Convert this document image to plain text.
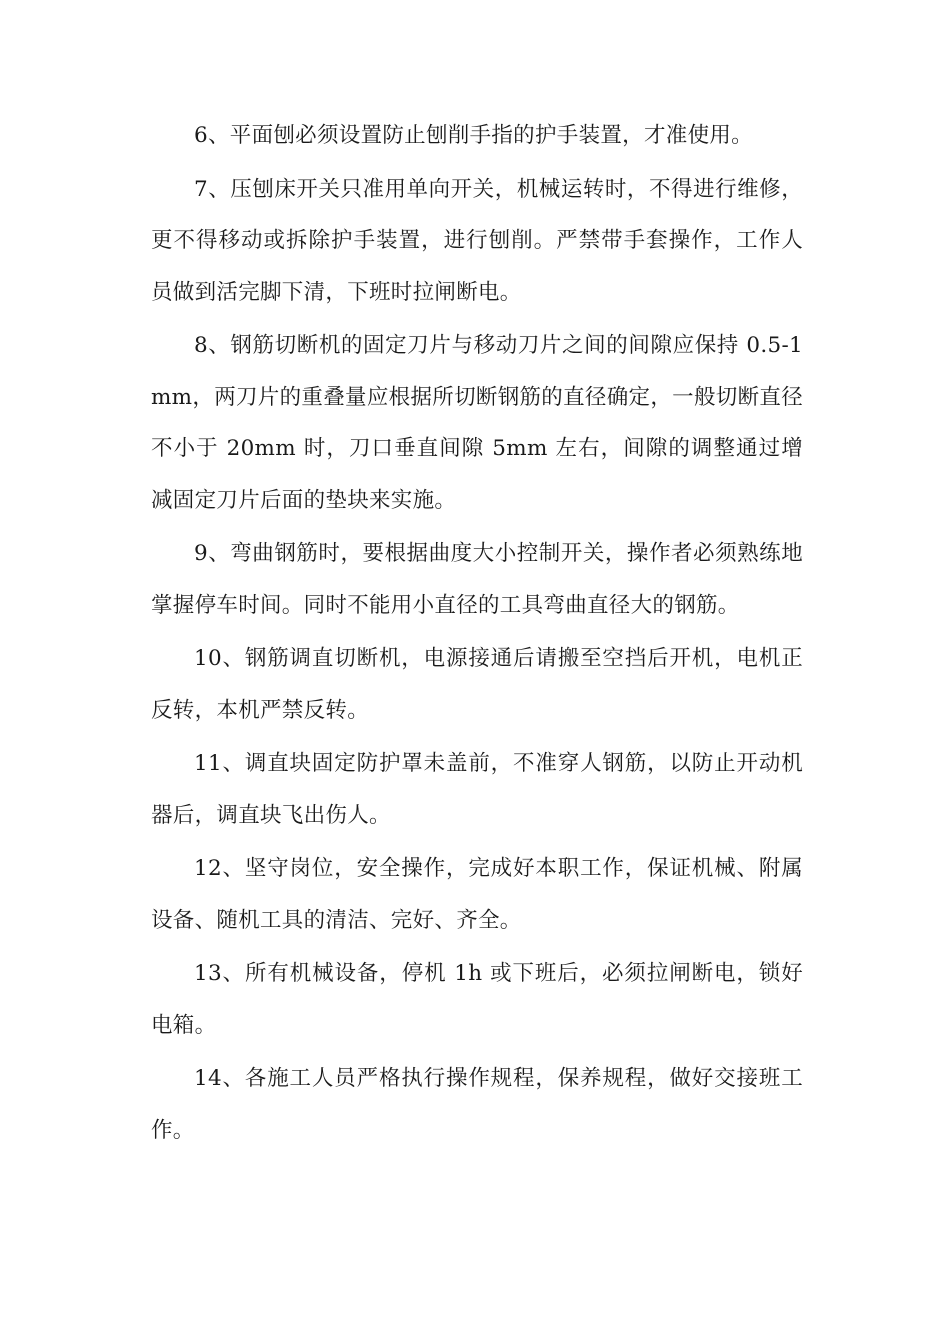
6、平面刨必须设置防止刨削手指的护手装置，才准使用。

7、压刨床开关只准用单向开关，机械运转时，不得进行维修，更不得移动或拆除护手装置，进行刨削。严禁带手套操作，工作人员做到活完脚下清，下班时拉闸断电。

8、钢筋切断机的固定刀片与移动刀片之间的间隙应保持 0.5-1mm，两刀片的重叠量应根据所切断钢筋的直径确定，一般切断直径不小于 20mm 时，刀口垂直间隙 5mm 左右，间隙的调整通过增减固定刀片后面的垫块来实施。

9、弯曲钢筋时，要根据曲度大小控制开关，操作者必须熟练地掌握停车时间。同时不能用小直径的工具弯曲直径大的钢筋。

10、钢筋调直切断机，电源接通后请搬至空挡后开机，电机正反转，本机严禁反转。

11、调直块固定防护罩未盖前，不准穿人钢筋，以防止开动机器后，调直块飞出伤人。

12、坚守岗位，安全操作，完成好本职工作，保证机械、附属设备、随机工具的清洁、完好、齐全。

13、所有机械设备，停机 1h 或下班后，必须拉闸断电，锁好电箱。

14、各施工人员严格执行操作规程，保养规程，做好交接班工作。
